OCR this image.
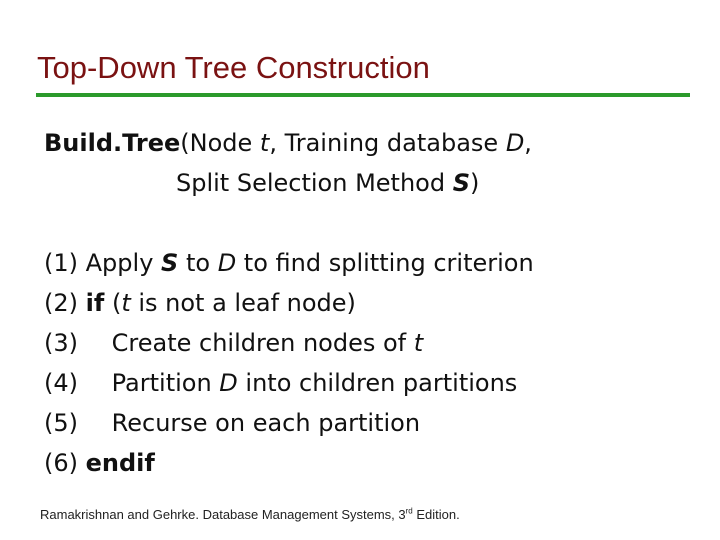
Top-Down Tree Construction
Build.Tree(Node t, Training database D,
Split Selection Method S)
(1) Apply S to D to find splitting criterion
(2) if (t is not a leaf node)
(3) Create children nodes of t
(4) Partition D into children partitions
(5) Recurse on each partition
(6) endif
Ramakrishnan and Gehrke. Database Management Systems, 3rd Edition.
